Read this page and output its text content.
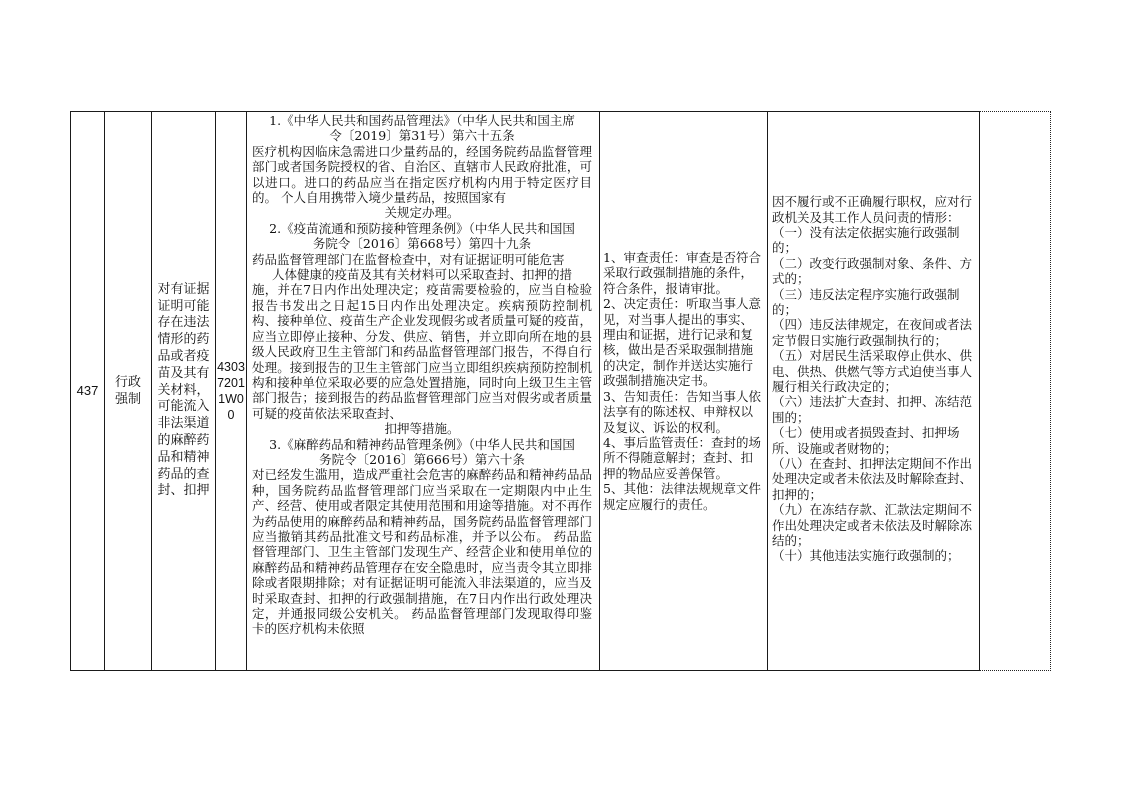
437
行政强制
对有证据证明可能存在违法情形的药品或者疫苗及其有关材料，可能流入非法渠道的麻醉药品和精神药品的查封、扣押
4303
7201
1W0
0

1.《中华人民共和国药品管理法》（中华人民共和国主席

令〔2019〕第31号）第六十五条

医疗机构因临床急需进口少量药品的，经国务院药品监督管理部门或者国务院授权的省、自治区、直辖市人民政府批准，可以进口。进口的药品应当在指定医疗机构内用于特定医疗目的。 个人自用携带入境少量药品，按照国家有

关规定办理。

2.《疫苗流通和预防接种管理条例》（中华人民共和国国

务院令〔2016〕第668号）第四十九条

药品监督管理部门在监督检查中，对有证据证明可能危害

人体健康的疫苗及其有关材料可以采取查封、扣押的措

施，并在7日内作出处理决定；疫苗需要检验的，应当自检验报告书发出之日起15日内作出处理决定。疾病预防控制机构、接种单位、疫苗生产企业发现假劣或者质量可疑的疫苗，应当立即停止接种、分发、供应、销售，并立即向所在地的县级人民政府卫生主管部门和药品监督管理部门报告，不得自行处理。接到报告的卫生主管部门应当立即组织疾病预防控制机构和接种单位采取必要的应急处置措施，同时向上级卫生主管部门报告；接到报告的药品监督管理部门应当对假劣或者质量可疑的疫苗依法采取查封、

扣押等措施。

3.《麻醉药品和精神药品管理条例》（中华人民共和国国

务院令〔2016〕第666号）第六十条

对已经发生滥用，造成严重社会危害的麻醉药品和精神药品品种，国务院药品监督管理部门应当采取在一定期限内中止生产、经营、使用或者限定其使用范围和用途等措施。对不再作为药品使用的麻醉药品和精神药品，国务院药品监督管理部门应当撤销其药品批准文号和药品标准，并予以公布。 药品监督管理部门、卫生主管部门发现生产、经营企业和使用单位的麻醉药品和精神药品管理存在安全隐患时，应当责令其立即排除或者限期排除；对有证据证明可能流入非法渠道的，应当及时采取查封、扣押的行政强制措施，在7日内作出行政处理决定，并通报同级公安机关。 药品监督管理部门发现取得印鉴卡的医疗机构未依照

1、审查责任：审查是否符合采取行政强制措施的条件，符合条件，报请审批。

2、决定责任：听取当事人意见，对当事人提出的事实、理由和证据，进行记录和复核，做出是否采取强制措施的决定，制作并送达实施行政强制措施决定书。

3、告知责任：告知当事人依法享有的陈述权、申辩权以及复议、诉讼的权利。

4、事后监管责任：查封的场所不得随意解封；查封、扣押的物品应妥善保管。

5、其他：法律法规规章文件规定应履行的责任。

因不履行或不正确履行职权，应对行政机关及其工作人员问责的情形：

（一）没有法定依据实施行政强制的；

（二）改变行政强制对象、条件、方式的；

（三）违反法定程序实施行政强制的；

（四）违反法律规定，在夜间或者法定节假日实施行政强制执行的；

（五）对居民生活采取停止供水、供电、供热、供燃气等方式迫使当事人履行相关行政决定的；

（六）违法扩大查封、扣押、冻结范围的；

（七）使用或者损毁查封、扣押场所、设施或者财物的；

（八）在查封、扣押法定期间不作出处理决定或者未依法及时解除查封、扣押的；

（九）在冻结存款、汇款法定期间不作出处理决定或者未依法及时解除冻结的；

（十）其他违法实施行政强制的；
